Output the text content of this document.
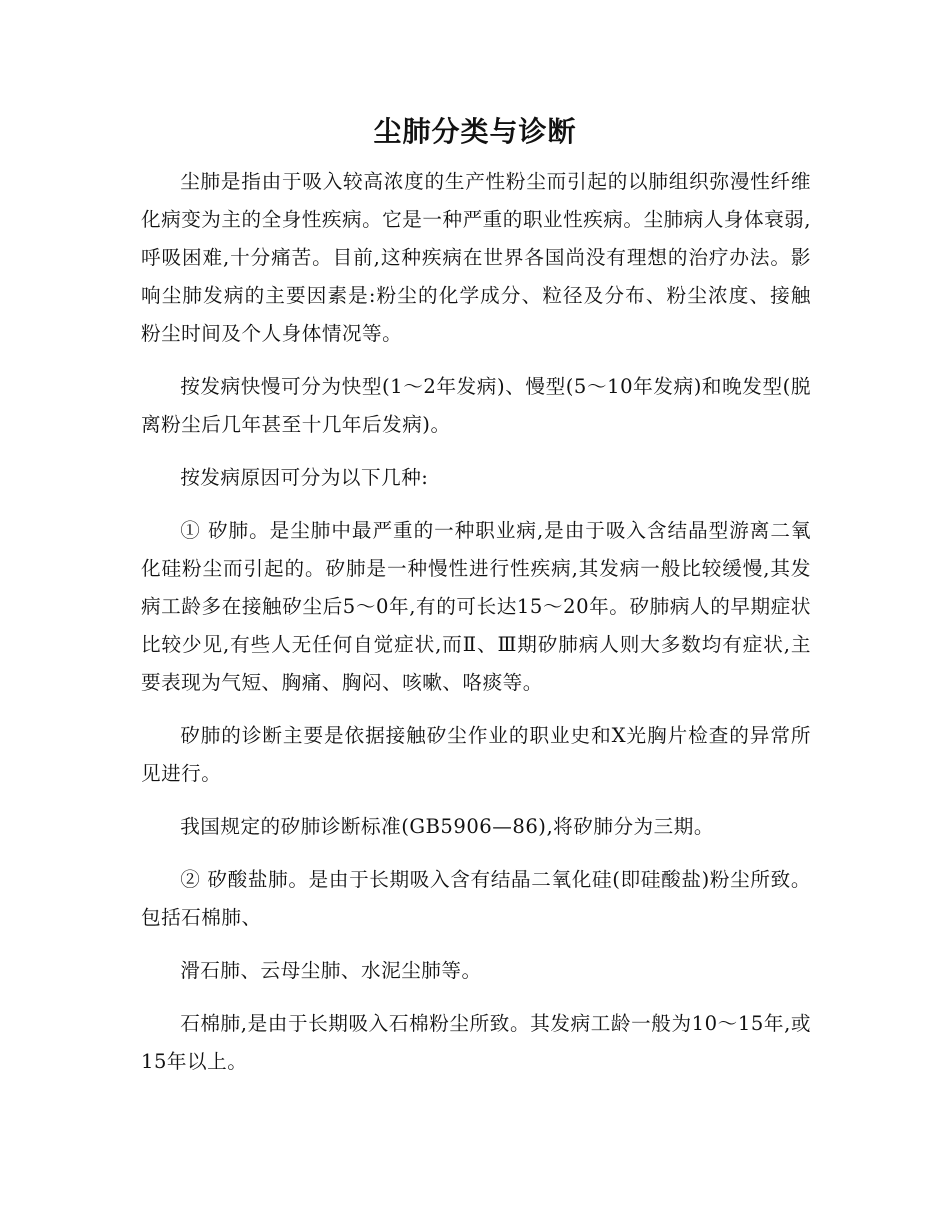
尘肺分类与诊断

尘肺是指由于吸入较高浓度的生产性粉尘而引起的以肺组织弥漫性纤维化病变为主的全身性疾病。它是一种严重的职业性疾病。尘肺病人身体衰弱,呼吸困难,十分痛苦。目前,这种疾病在世界各国尚没有理想的治疗办法。影响尘肺发病的主要因素是:粉尘的化学成分、粒径及分布、粉尘浓度、接触粉尘时间及个人身体情况等。

按发病快慢可分为快型(1～2年发病)、慢型(5～10年发病)和晚发型(脱离粉尘后几年甚至十几年后发病)。

按发病原因可分为以下几种:

① 矽肺。是尘肺中最严重的一种职业病,是由于吸入含结晶型游离二氧化硅粉尘而引起的。矽肺是一种慢性进行性疾病,其发病一般比较缓慢,其发病工龄多在接触矽尘后5～0年,有的可长达15～20年。矽肺病人的早期症状比较少见,有些人无任何自觉症状,而Ⅱ、Ⅲ期矽肺病人则大多数均有症状,主要表现为气短、胸痛、胸闷、咳嗽、咯痰等。

矽肺的诊断主要是依据接触矽尘作业的职业史和X光胸片检查的异常所见进行。

我国规定的矽肺诊断标准(GB5906—86),将矽肺分为三期。

② 矽酸盐肺。是由于长期吸入含有结晶二氧化硅(即硅酸盐)粉尘所致。包括石棉肺、

滑石肺、云母尘肺、水泥尘肺等。

石棉肺,是由于长期吸入石棉粉尘所致。其发病工龄一般为10～15年,或15年以上。
